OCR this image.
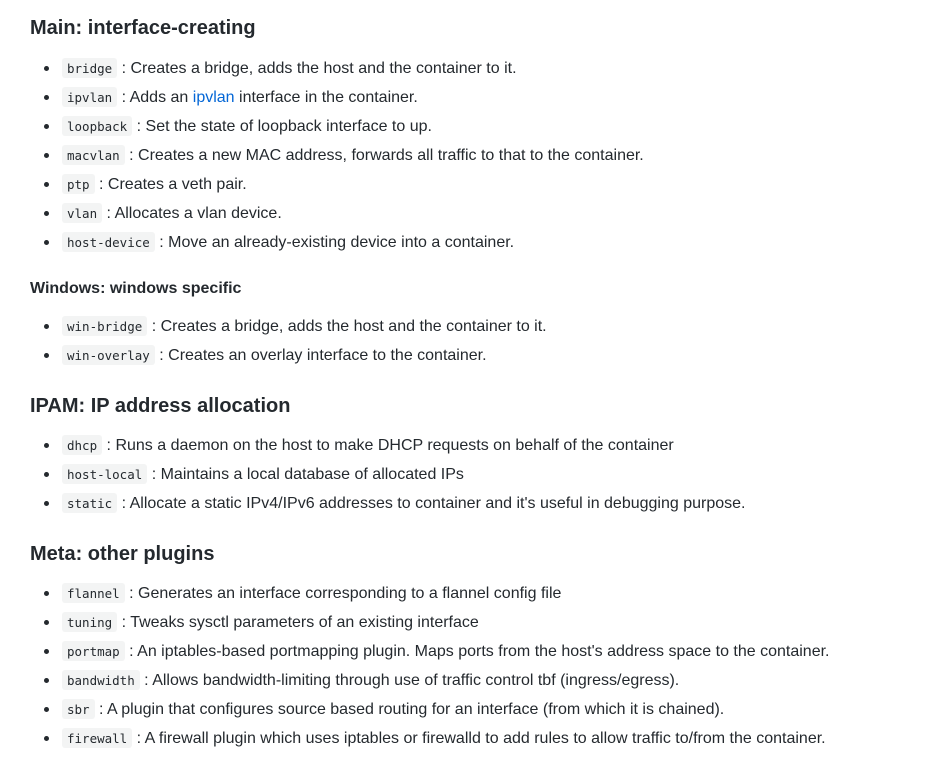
Main: interface-creating
bridge : Creates a bridge, adds the host and the container to it.
ipvlan : Adds an ipvlan interface in the container.
loopback : Set the state of loopback interface to up.
macvlan : Creates a new MAC address, forwards all traffic to that to the container.
ptp : Creates a veth pair.
vlan : Allocates a vlan device.
host-device : Move an already-existing device into a container.
Windows: windows specific
win-bridge : Creates a bridge, adds the host and the container to it.
win-overlay : Creates an overlay interface to the container.
IPAM: IP address allocation
dhcp : Runs a daemon on the host to make DHCP requests on behalf of the container
host-local : Maintains a local database of allocated IPs
static : Allocate a static IPv4/IPv6 addresses to container and it's useful in debugging purpose.
Meta: other plugins
flannel : Generates an interface corresponding to a flannel config file
tuning : Tweaks sysctl parameters of an existing interface
portmap : An iptables-based portmapping plugin. Maps ports from the host's address space to the container.
bandwidth : Allows bandwidth-limiting through use of traffic control tbf (ingress/egress).
sbr : A plugin that configures source based routing for an interface (from which it is chained).
firewall : A firewall plugin which uses iptables or firewalld to add rules to allow traffic to/from the container.
